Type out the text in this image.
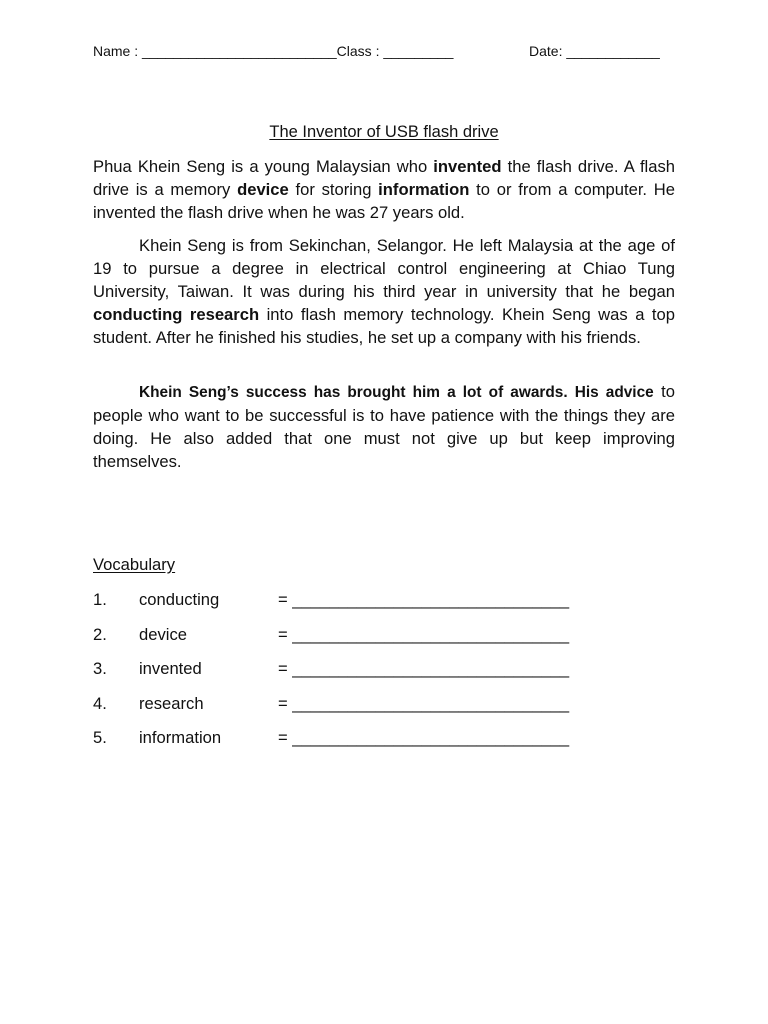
Name : _________________________Class : _________	Date: ____________
The Inventor of USB flash drive

Phua Khein Seng is a young Malaysian who invented the flash drive. A flash drive is a memory device for storing information to or from a computer. He invented the flash drive when he was 27 years old.

Khein Seng is from Sekinchan, Selangor. He left Malaysia at the age of 19 to pursue a degree in electrical control engineering at Chiao Tung University, Taiwan. It was during his third year in university that he began conducting research into flash memory technology. Khein Seng was a top student. After he finished his studies, he set up a company with his friends.

Khein Seng’s success has brought him a lot of awards. His advice to people who want to be successful is to have patience with the things they are doing. He also added that one must not give up but keep improving themselves.

Vocabulary
1. conducting	= ______________________________
2. device	= ______________________________
3. invented	= ______________________________
4. research	= ______________________________
5. information	= ______________________________
